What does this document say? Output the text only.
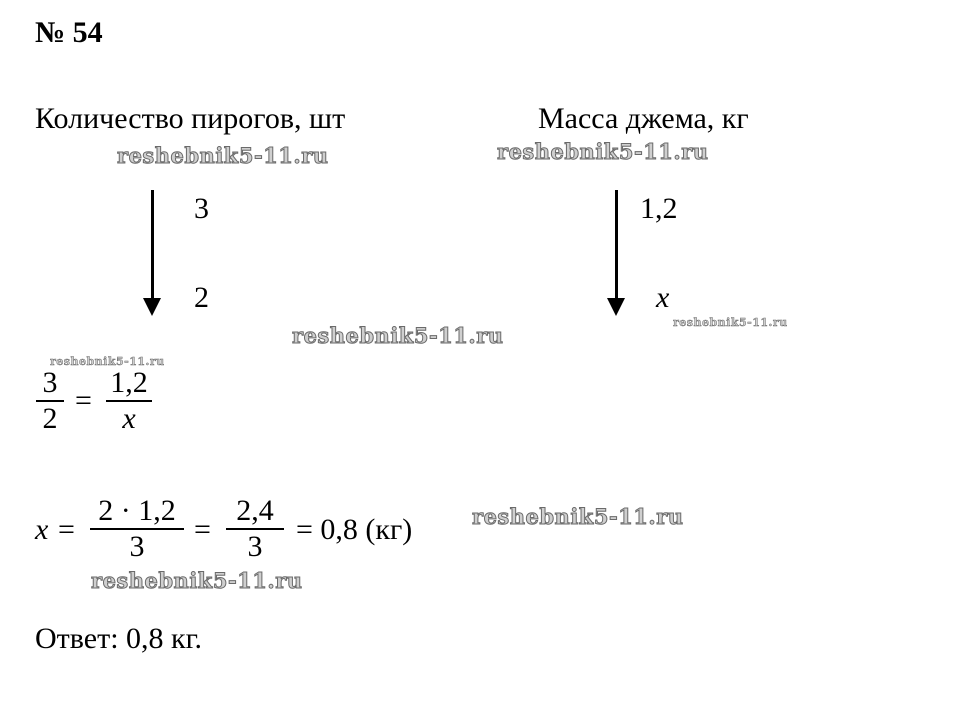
№ 54
Количество пирогов, шт	Масса джема, кг
3
2
1,2
x
3
2
=
1,2
x
x =
2 · 1,2
3
=
2,4
3
= 0,8 (кг)
Ответ: 0,8 кг.
reshebnik5-11.ru	reshebnik5-11.ru
reshebnik5-11.ru
reshebnik5-11.ru
reshebnik5-11.ru
reshebnik5-11.ru
reshebnik5-11.ru
